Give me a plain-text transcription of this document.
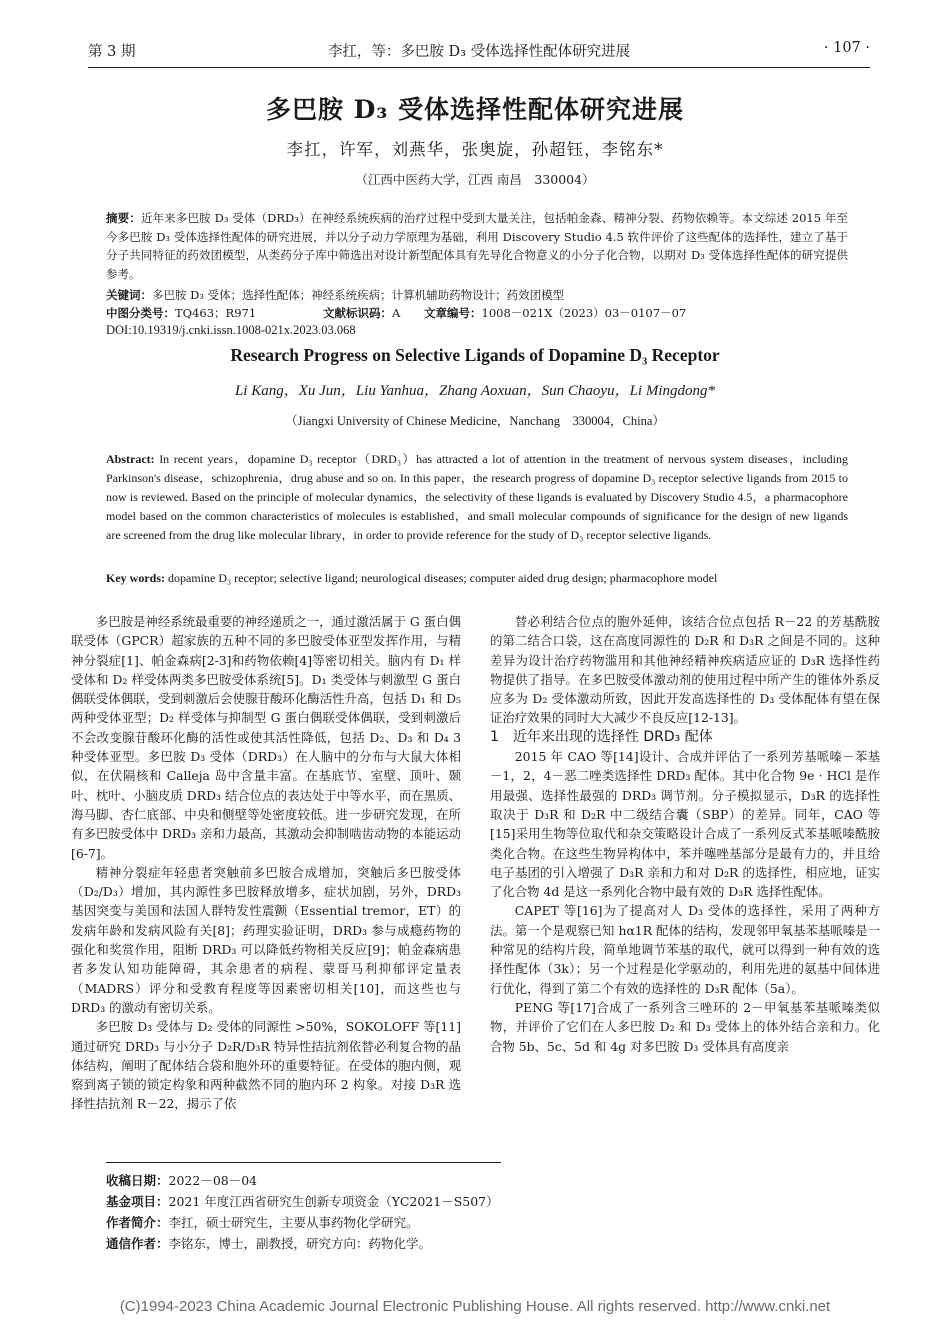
第 3 期	李扛，等：多巴胺 D₃ 受体选择性配体研究进展	· 107 ·
多巴胺 D₃ 受体选择性配体研究进展
李扛，许军，刘燕华，张奥旋，孙超钰，李铭东*
（江西中医药大学，江西 南昌　330004）
摘要：近年来多巴胺 D₃ 受体（DRD₃）在神经系统疾病的治疗过程中受到大量关注，包括帕金森、精神分裂、药物依赖等。本文综述 2015 年至今多巴胺 D₃ 受体选择性配体的研究进展，并以分子动力学原理为基础，利用 Discovery Studio 4.5 软件评价了这些配体的选择性，建立了基于分子共同特征的药效团模型，从类药分子库中筛选出对设计新型配体具有先导化合物意义的小分子化合物，以期对 D₃ 受体选择性配体的研究提供参考。
关键词：多巴胺 D₃ 受体；选择性配体；神经系统疾病；计算机辅助药物设计；药效团模型
中图分类号：TQ463；R971	文献标识码：A 文章编号：1008－021X（2023）03－0107－07
DOI:10.19319/j.cnki.issn.1008-021x.2023.03.068
Research Progress on Selective Ligands of Dopamine D₃ Receptor
Li Kang，Xu Jun，Liu Yanhua，Zhang Aoxuan，Sun Chaoyu，Li Mingdong*
（Jiangxi University of Chinese Medicine，Nanchang　330004，China）
Abstract: In recent years，dopamine D₃ receptor（DRD₃）has attracted a lot of attention in the treatment of nervous system diseases，including Parkinson's disease，schizophrenia，drug abuse and so on. In this paper，the research progress of dopamine D₃ receptor selective ligands from 2015 to now is reviewed. Based on the principle of molecular dynamics，the selectivity of these ligands is evaluated by Discovery Studio 4.5，a pharmacophore model based on the common characteristics of molecules is established，and small molecular compounds of significance for the design of new ligands are screened from the drug like molecular library，in order to provide reference for the study of D₃ receptor selective ligands.
Key words: dopamine D₃ receptor; selective ligand; neurological diseases; computer aided drug design; pharmacophore model

多巴胺是神经系统最重要的神经递质之一，通过激活属于 G 蛋白偶联受体（GPCR）超家族的五种不同的多巴胺受体亚型发挥作用，与精神分裂症[1]、帕金森病[2-3]和药物依赖[4]等密切相关。脑内有 D₁ 样受体和 D₂ 样受体两类多巴胺受体系统[5]。D₁ 类受体与刺激型 G 蛋白偶联受体偶联，受到刺激后会使腺苷酸环化酶活性升高，包括 D₁ 和 D₅ 两种受体亚型；D₂ 样受体与抑制型 G 蛋白偶联受体偶联，受到刺激后不会改变腺苷酸环化酶的活性或使其活性降低，包括 D₂、D₃ 和 D₄ 3 种受体亚型。多巴胺 D₃ 受体（DRD₃）在人脑中的分布与大鼠大体相似，在伏隔核和 Calleja 岛中含量丰富。在基底节、室壁、顶叶、颞叶、枕叶、小脑皮质 DRD₃ 结合位点的表达处于中等水平，而在黑质、海马脚、杏仁底部、中央和侧壁等处密度较低。进一步研究发现，在所有多巴胺受体中 DRD₃ 亲和力最高，其激动会抑制啮齿动物的本能运动[6-7]。

精神分裂症年轻患者突触前多巴胺合成增加，突触后多巴胺受体（D₂/D₃）增加，其内源性多巴胺释放增多，症状加剧，另外，DRD₃ 基因突变与美国和法国人群特发性震颤（Essential tremor，ET）的发病年龄和发病风险有关[8]；药理实验证明，DRD₃ 参与成瘾药物的强化和奖赏作用，阻断 DRD₃ 可以降低药物相关反应[9]；帕金森病患者多发认知功能障碍，其余患者的病程、蒙哥马利抑郁评定量表（MADRS）评分和受教育程度等因素密切相关[10]，而这些也与 DRD₃ 的激动有密切关系。

多巴胺 D₃ 受体与 D₂ 受体的同源性 >50%，SOKOLOFF 等[11]通过研究 DRD₃ 与小分子 D₂R/D₃R 特异性拮抗剂依替必利复合物的晶体结构，阐明了配体结合袋和胞外环的重要特征。在受体的胞内侧，观察到离子锁的锁定构象和两种截然不同的胞内环 2 构象。对接 D₃R 选择性拮抗剂 R－22，揭示了依

替必利结合位点的胞外延伸，该结合位点包括 R－22 的芳基酰胺的第二结合口袋，这在高度同源性的 D₂R 和 D₃R 之间是不同的。这种差异为设计治疗药物滥用和其他神经精神疾病适应证的 D₃R 选择性药物提供了指导。在多巴胺受体激动剂的使用过程中所产生的锥体外系反应多为 D₂ 受体激动所致，因此开发高选择性的 D₃ 受体配体有望在保证治疗效果的同时大大减少不良反应[12-13]。

1　近年来出现的选择性 DRD₃ 配体

2015 年 CAO 等[14]设计、合成并评估了一系列芳基哌嗪－苯基－1，2，4－恶二唑类选择性 DRD₃ 配体。其中化合物 9e · HCl 是作用最强、选择性最强的 DRD₃ 调节剂。分子模拟显示，D₃R 的选择性取决于 D₃R 和 D₂R 中二级结合囊（SBP）的差异。同年，CAO 等[15]采用生物等位取代和杂交策略设计合成了一系列反式苯基哌嗪酰胺类化合物。在这些生物异构体中，苯并噻唑基部分是最有力的，并且给电子基团的引入增强了 D₃R 亲和力和对 D₂R 的选择性，相应地，证实了化合物 4d 是这一系列化合物中最有效的 D₃R 选择性配体。

CAPET 等[16]为了提高对人 D₃ 受体的选择性，采用了两种方法。第一个是观察已知 hα1R 配体的结构，发现邻甲氧基苯基哌嗪是一种常见的结构片段，简单地调节苯基的取代，就可以得到一种有效的选择性配体（3k）；另一个过程是化学驱动的，利用先进的氨基中间体进行优化，得到了第二个有效的选择性的 D₃R 配体（5a）。

PENG 等[17]合成了一系列含三唑环的 2－甲氧基苯基哌嗪类似物，并评价了它们在人多巴胺 D₂ 和 D₃ 受体上的体外结合亲和力。化合物 5b、5c、5d 和 4g 对多巴胺 D₃ 受体具有高度亲

收稿日期：2022－08－04
基金项目：2021 年度江西省研究生创新专项资金（YC2021－S507）
作者简介：李扛，硕士研究生，主要从事药物化学研究。
通信作者：李铭东，博士，副教授，研究方向：药物化学。
(C)1994-2023 China Academic Journal Electronic Publishing House. All rights reserved. http://www.cnki.net
